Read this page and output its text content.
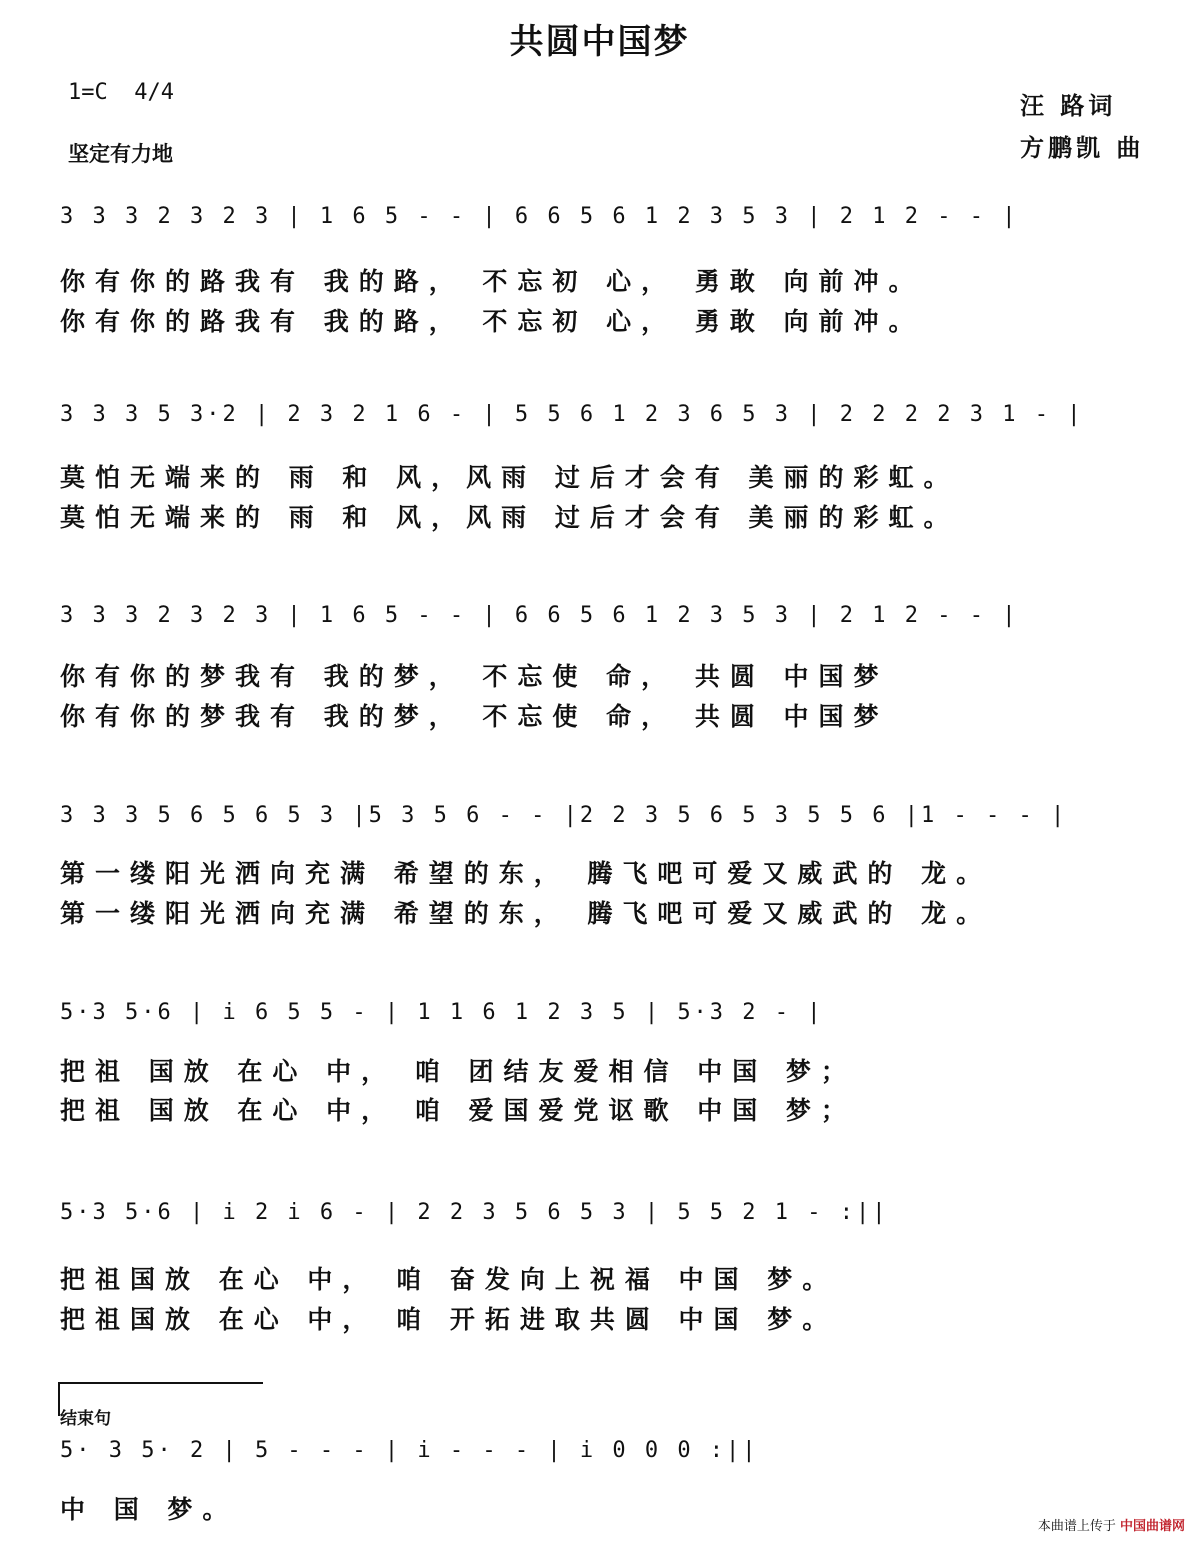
共圆中国梦
1=C  4/4
坚定有力地
汪 路词
方鹏凯 曲
3 3 3 2 3 2 3 | 1 6 5 - - | 6 6 5 6 1 2 3 5 3 | 2 1 2 - - |
你有你的路我有 我的路， 不忘初 心， 勇敢 向前冲。
你有你的路我有 我的路， 不忘初 心， 勇敢 向前冲。
3 3 3 5 3·2 | 2 3 2 1 6 - | 5 5 6 1 2 3 6 5 3 | 2 2 2 2 3 1 - |
莫怕无端来的 雨 和 风，风雨 过后才会有 美丽的彩虹。
莫怕无端来的 雨 和 风，风雨 过后才会有 美丽的彩虹。
3 3 3 2 3 2 3 | 1 6 5 - - | 6 6 5 6 1 2 3 5 3 | 2 1 2 - - |
你有你的梦我有 我的梦， 不忘使 命， 共圆 中国梦
你有你的梦我有 我的梦， 不忘使 命， 共圆 中国梦
3 3 3 5 6 5 6 5 3 |5 3 5 6 - - |2 2 3 5 6 5 3 5 5 6 |1 - - - |
第一缕阳光洒向充满 希望的东， 腾飞吧可爱又威武的 龙。
第一缕阳光洒向充满 希望的东， 腾飞吧可爱又威武的 龙。
5·3 5·6 | i 6 5 5 - | 1 1 6 1 2 3 5 | 5·3 2 - |
把祖 国放 在心 中， 咱 团结友爱相信 中国 梦；
把祖 国放 在心 中， 咱 爱国爱党讴歌 中国 梦；
5·3 5·6 | i 2 i 6 - | 2 2 3 5 6 5 3 | 5 5 2 1 - :||
把祖国放 在心 中， 咱 奋发向上祝福 中国 梦。
把祖国放 在心 中， 咱 开拓进取共圆 中国 梦。
结束句
5· 3 5· 2 | 5 - - - | i - - - | i 0 0 0 :||
中 国 梦。
本曲谱上传于 中国曲谱网
